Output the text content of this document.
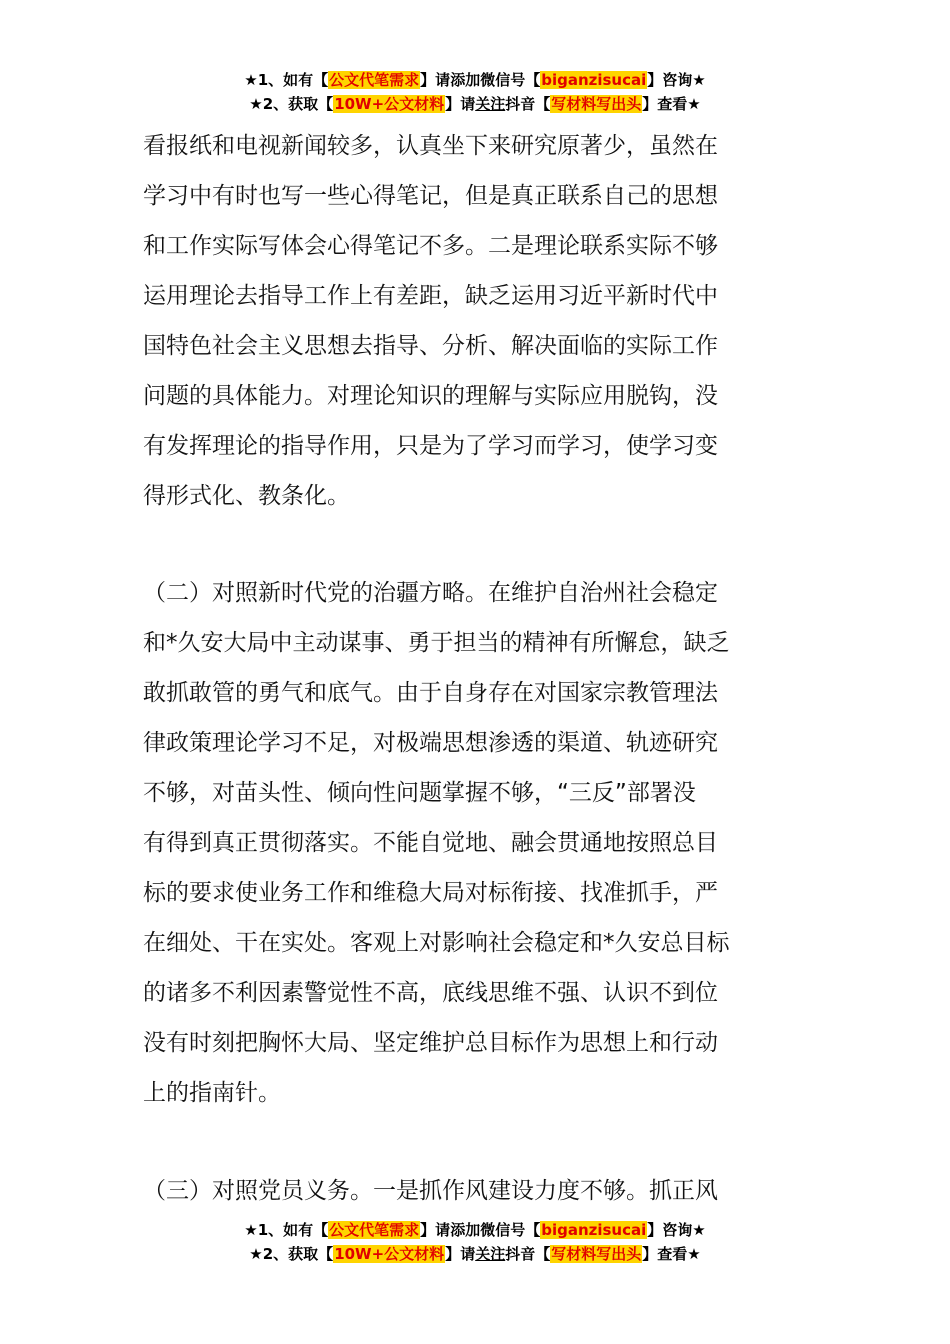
★1、如有【公文代笔需求】请添加微信号【biganzisucai】咨询★
★2、获取【10W+公文材料】请关注抖音【写材料写出头】查看★
看报纸和电视新闻较多，认真坐下来研究原著少，虽然在
学习中有时也写一些心得笔记，但是真正联系自己的思想
和工作实际写体会心得笔记不多。二是理论联系实际不够
运用理论去指导工作上有差距，缺乏运用习近平新时代中
国特色社会主义思想去指导、分析、解决面临的实际工作
问题的具体能力。对理论知识的理解与实际应用脱钩，没
有发挥理论的指导作用，只是为了学习而学习，使学习变
得形式化、教条化。
（二）对照新时代党的治疆方略。在维护自治州社会稳定
和*久安大局中主动谋事、勇于担当的精神有所懈怠，缺乏
敢抓敢管的勇气和底气。由于自身存在对国家宗教管理法
律政策理论学习不足，对极端思想渗透的渠道、轨迹研究
不够，对苗头性、倾向性问题掌握不够，“三反”部署没
有得到真正贯彻落实。不能自觉地、融会贯通地按照总目
标的要求使业务工作和维稳大局对标衔接、找准抓手，严
在细处、干在实处。客观上对影响社会稳定和*久安总目标
的诸多不利因素警觉性不高，底线思维不强、认识不到位
没有时刻把胸怀大局、坚定维护总目标作为思想上和行动
上的指南针。
（三）对照党员义务。一是抓作风建设力度不够。抓正风
★1、如有【公文代笔需求】请添加微信号【biganzisucai】咨询★
★2、获取【10W+公文材料】请关注抖音【写材料写出头】查看★
